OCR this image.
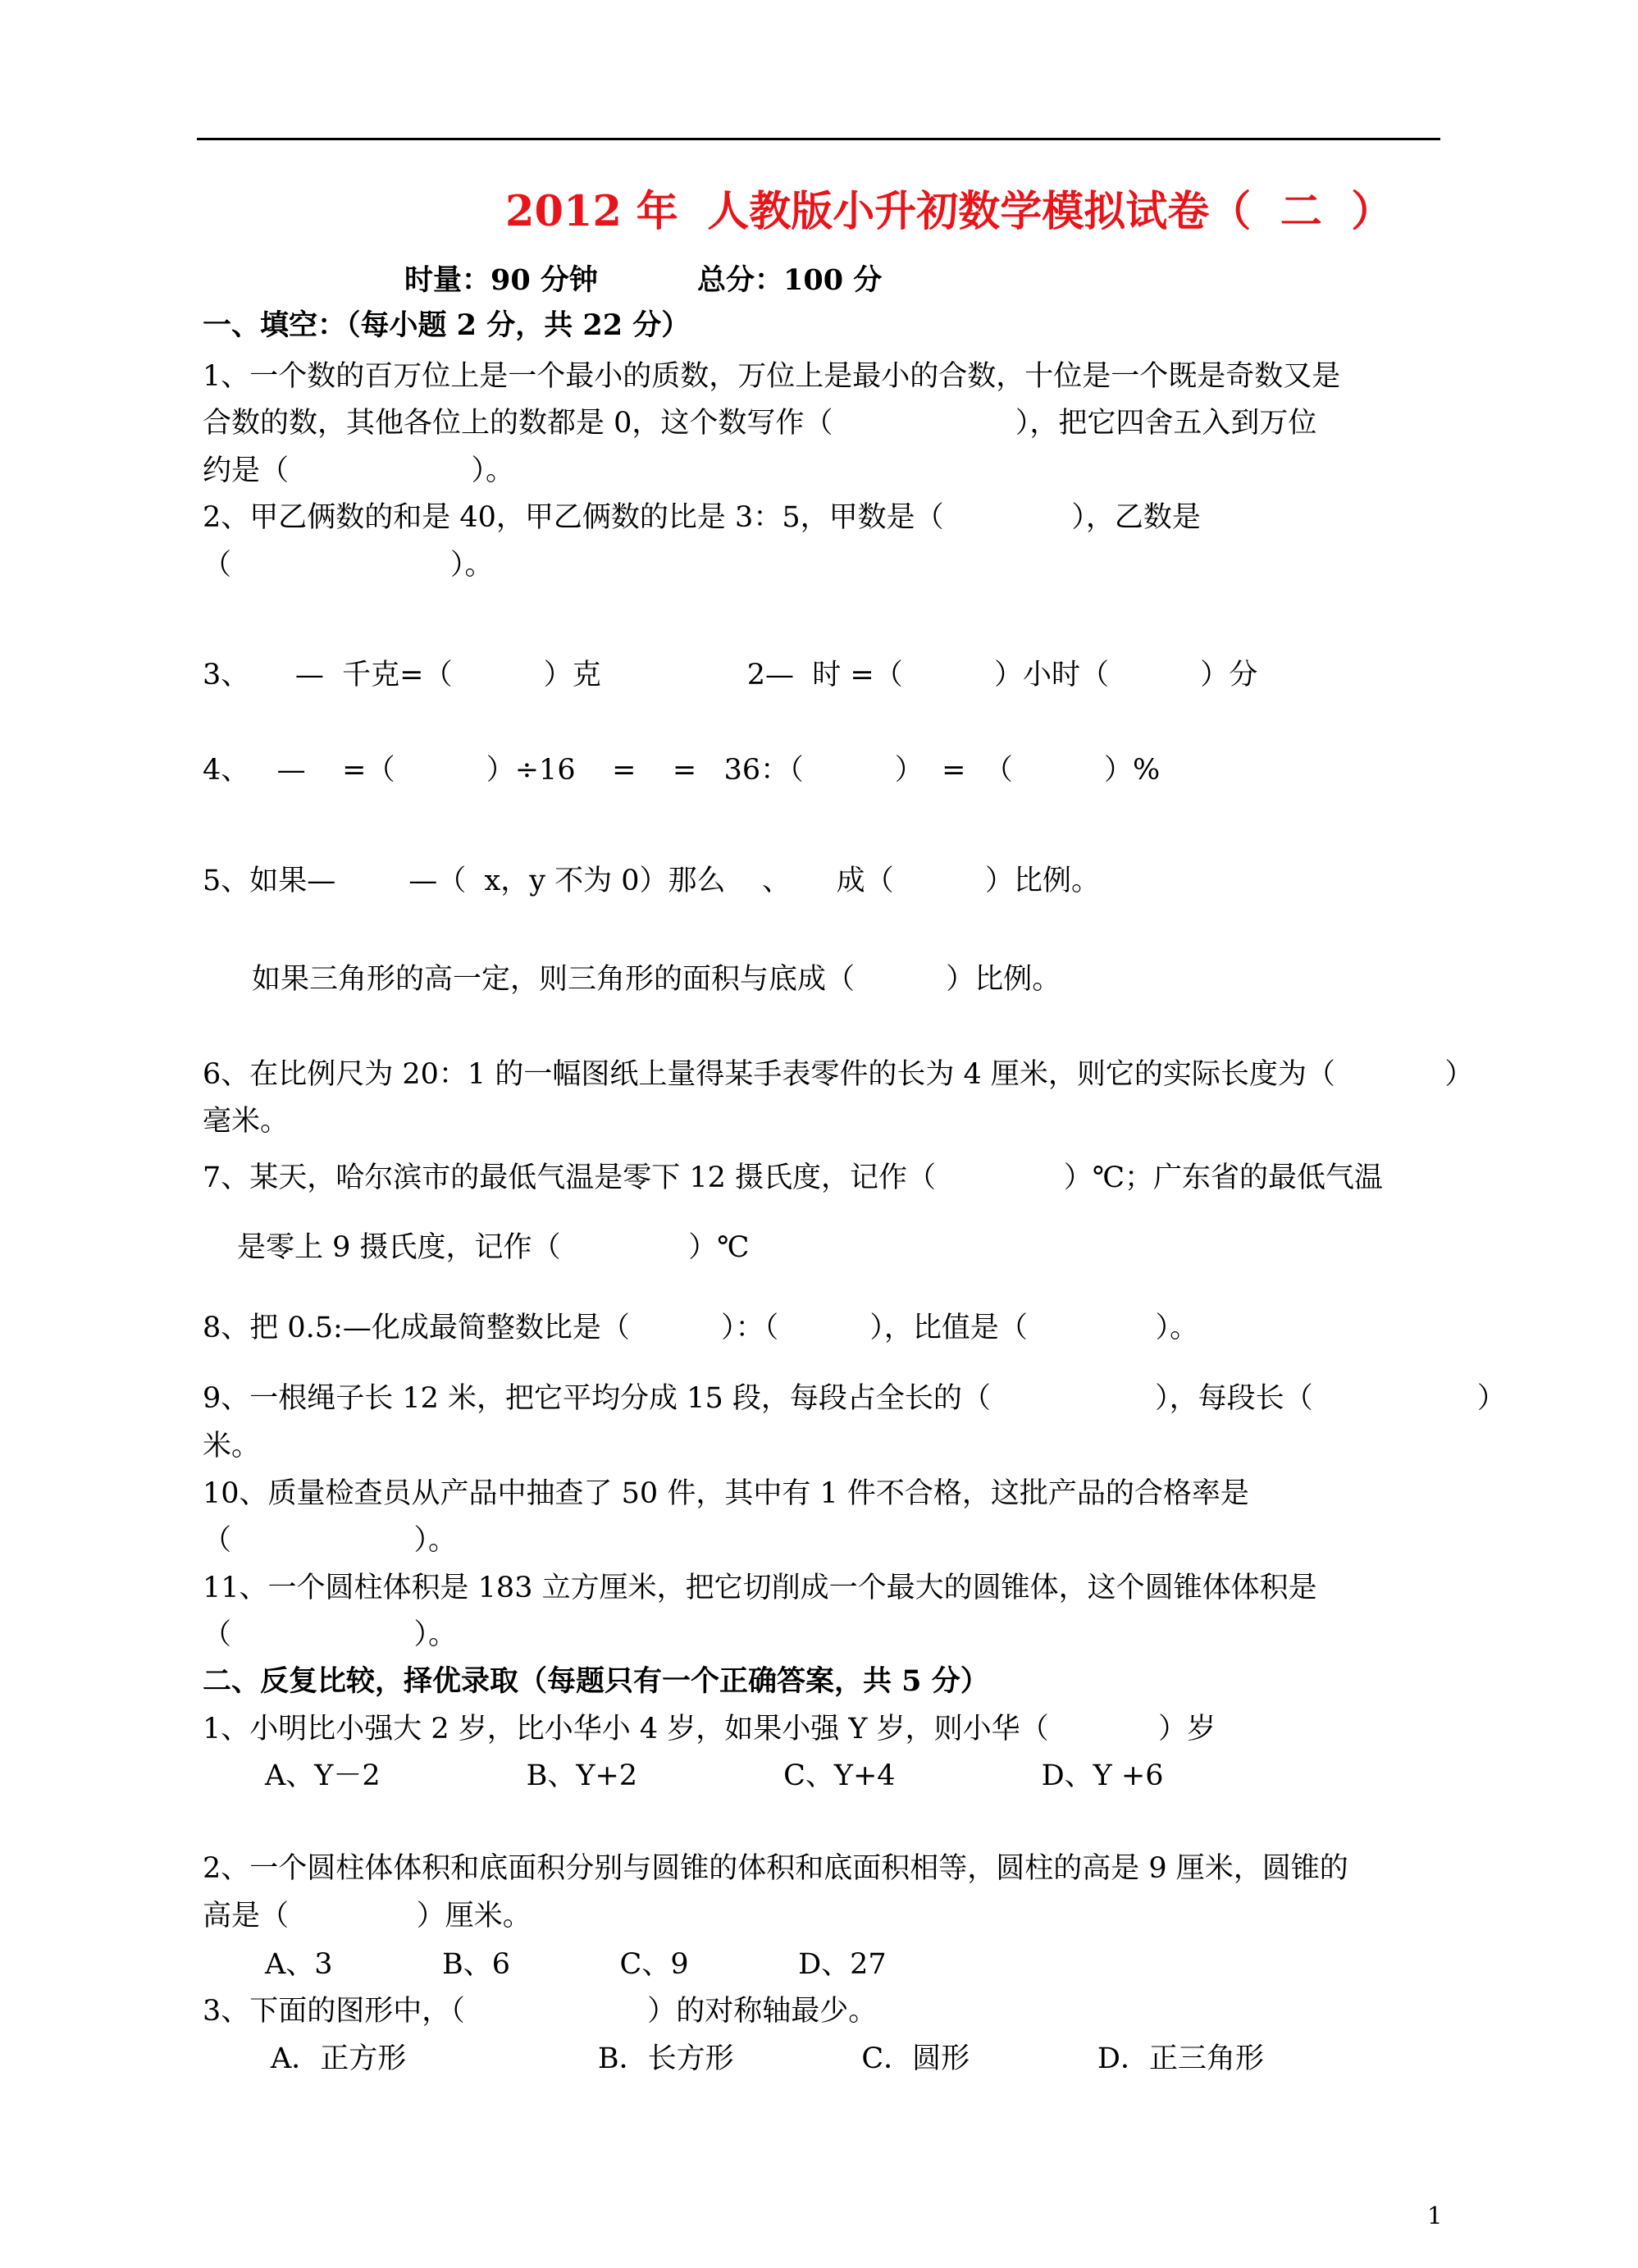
2012 年  人教版小升初数学模拟试卷（  二  ）
时量：90 分钟	总分：100 分
一、填空：（每小题 2 分，共 22 分）
1、一个数的百万位上是一个最小的质数，万位上是最小的合数，十位是一个既是奇数又是
合数的数，其他各位上的数都是 0，这个数写作（                    ），把它四舍五入到万位
约是（                    ）。
2、甲乙俩数的和是 40，甲乙俩数的比是 3：5，甲数是（              ），乙数是
（                        ）。
3、     —  千克=（          ）克                2—  时 =（          ）小时（          ）分
4、   —    =（          ）÷16    =    =   36：（          ）  =  （          ）%
5、如果—        —（  x，y 不为 0）那么    、     成（          ）比例。
如果三角形的高一定，则三角形的面积与底成（          ）比例。
6、在比例尺为 20：1 的一幅图纸上量得某手表零件的长为 4 厘米，则它的实际长度为（            ）
毫米。
7、某天，哈尔滨市的最低气温是零下 12 摄氏度，记作（              ）℃；广东省的最低气温
是零上 9 摄氏度，记作（              ）℃
8、把 0.5:—化成最简整数比是（          ）：（          ），比值是（              ）。
9、一根绳子长 12 米，把它平均分成 15 段，每段占全长的（                  ），每段长（                  ）
米。
10、质量检查员从产品中抽查了 50 件，其中有 1 件不合格，这批产品的合格率是
（                    ）。
11、一个圆柱体积是 183 立方厘米，把它切削成一个最大的圆锥体，这个圆锥体体积是
（                    ）。
二、反复比较，择优录取（每题只有一个正确答案，共 5 分）
1、小明比小强大 2 岁，比小华小 4 岁，如果小强 Y 岁，则小华（            ）岁
A、Y－2                B、Y+2                C、Y+4                D、Y +6
2、一个圆柱体体积和底面积分别与圆锥的体积和底面积相等，圆柱的高是 9 厘米，圆锥的
高是（              ）厘米。
A、3            B、6            C、9            D、27
3、下面的图形中，（                    ）的对称轴最少。
A．正方形                     B．长方形              C．圆形              D．正三角形
1
